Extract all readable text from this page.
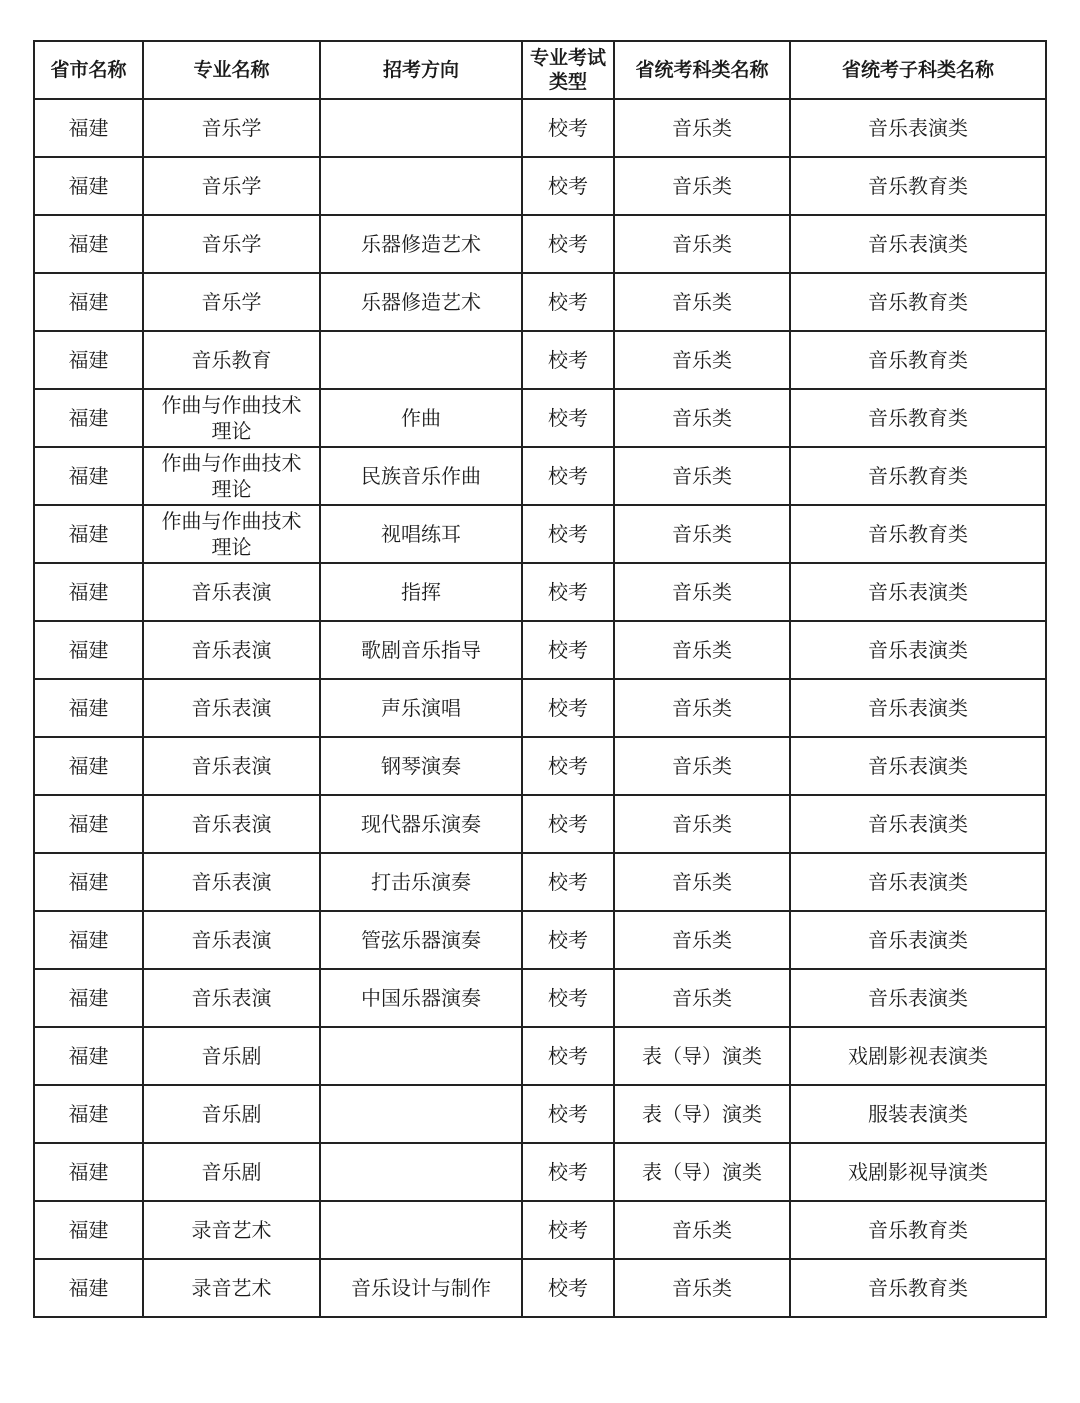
省市名称	专业名称	招考方向	专业考试类型	省统考科类名称	省统考子科类名称
福建	音乐学		校考	音乐类	音乐表演类
福建	音乐学		校考	音乐类	音乐教育类
福建	音乐学	乐器修造艺术	校考	音乐类	音乐表演类
福建	音乐学	乐器修造艺术	校考	音乐类	音乐教育类
福建	音乐教育		校考	音乐类	音乐教育类
福建	作曲与作曲技术理论	作曲	校考	音乐类	音乐教育类
福建	作曲与作曲技术理论	民族音乐作曲	校考	音乐类	音乐教育类
福建	作曲与作曲技术理论	视唱练耳	校考	音乐类	音乐教育类
福建	音乐表演	指挥	校考	音乐类	音乐表演类
福建	音乐表演	歌剧音乐指导	校考	音乐类	音乐表演类
福建	音乐表演	声乐演唱	校考	音乐类	音乐表演类
福建	音乐表演	钢琴演奏	校考	音乐类	音乐表演类
福建	音乐表演	现代器乐演奏	校考	音乐类	音乐表演类
福建	音乐表演	打击乐演奏	校考	音乐类	音乐表演类
福建	音乐表演	管弦乐器演奏	校考	音乐类	音乐表演类
福建	音乐表演	中国乐器演奏	校考	音乐类	音乐表演类
福建	音乐剧		校考	表（导）演类	戏剧影视表演类
福建	音乐剧		校考	表（导）演类	服装表演类
福建	音乐剧		校考	表（导）演类	戏剧影视导演类
福建	录音艺术		校考	音乐类	音乐教育类
福建	录音艺术	音乐设计与制作	校考	音乐类	音乐教育类
